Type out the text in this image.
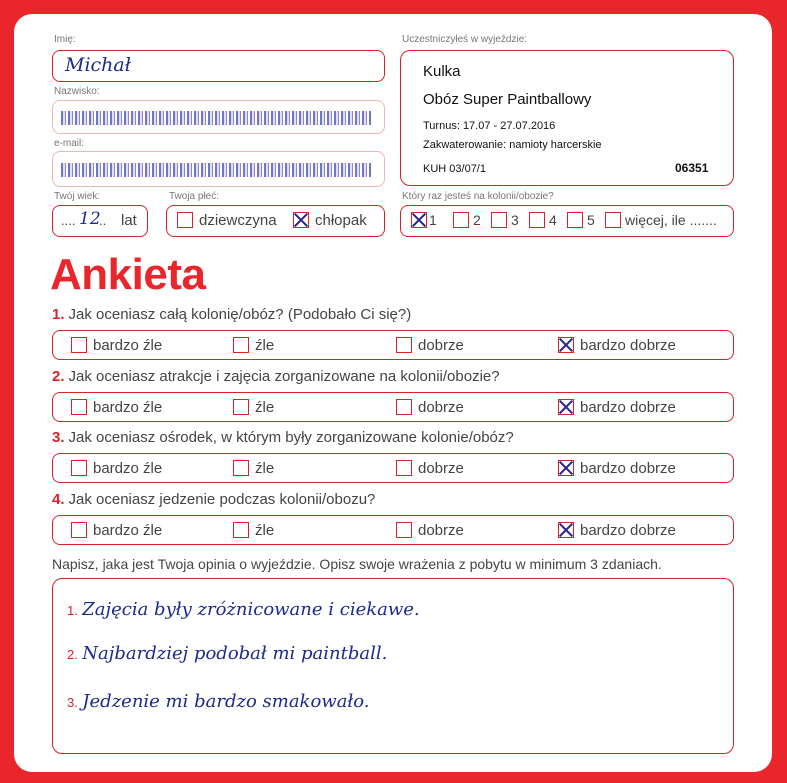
Imię:
Michał
Nazwisko:
e-mail:
Twój wiek:
.... 12
.. lat
Twoja płeć:
dziewczyna	chłopak
Uczestniczyłeś w wyjeździe:
Kulka
Obóz Super Paintballowy
Turnus: 17.07 - 27.07.2016
Zakwaterowanie: namioty harcerskie
KUH 03/07/1	06351
Który raz jesteś na kolonii/obozie?
1	2	3	4	5	więcej, ile .......
Ankieta
1. Jak oceniasz całą kolonię/obóz? (Podobało Ci się?)
bardzo źle	źle	dobrze	bardzo dobrze
2. Jak oceniasz atrakcje i zajęcia zorganizowane na kolonii/obozie?
bardzo źle	źle	dobrze	bardzo dobrze
3. Jak oceniasz ośrodek, w którym były zorganizowane kolonie/obóz?
bardzo źle	źle	dobrze	bardzo dobrze
4. Jak oceniasz jedzenie podczas kolonii/obozu?
bardzo źle	źle	dobrze	bardzo dobrze
Napisz, jaka jest Twoja opinia o wyjeździe. Opisz swoje wrażenia z pobytu w minimum 3 zdaniach.
1. Zajęcia były zróżnicowane i ciekawe.
2. Najbardziej podobał mi paintball.
3. Jedzenie mi bardzo smakowało.
